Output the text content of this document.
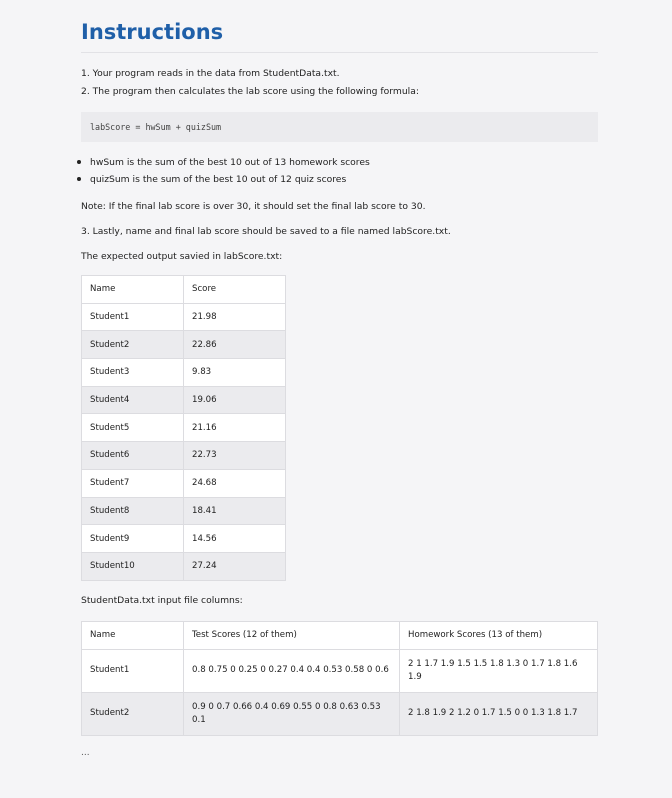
Instructions
1. Your program reads in the data from StudentData.txt.
2. The program then calculates the lab score using the following formula:
labScore = hwSum + quizSum
hwSum is the sum of the best 10 out of 13 homework scores
quizSum is the sum of the best 10 out of 12 quiz scores

Note: If the final lab score is over 30, it should set the final lab score to 30.

3. Lastly, name and final lab score should be saved to a file named labScore.txt.

The expected output savied in labScore.txt:

Name	Score
Student1	21.98
Student2	22.86
Student3	9.83
Student4	19.06
Student5	21.16
Student6	22.73
Student7	24.68
Student8	18.41
Student9	14.56
Student10	27.24

StudentData.txt input file columns:

Name	Test Scores (12 of them)	Homework Scores (13 of them)
Student1	0.8 0.75 0 0.25 0 0.27 0.4 0.4 0.53 0.58 0 0.6	2 1 1.7 1.9 1.5 1.5 1.8 1.3 0 1.7 1.8 1.6 1.9
Student2	0.9 0 0.7 0.66 0.4 0.69 0.55 0 0.8 0.63 0.53 0.1	2 1.8 1.9 2 1.2 0 1.7 1.5 0 0 1.3 1.8 1.7
...
